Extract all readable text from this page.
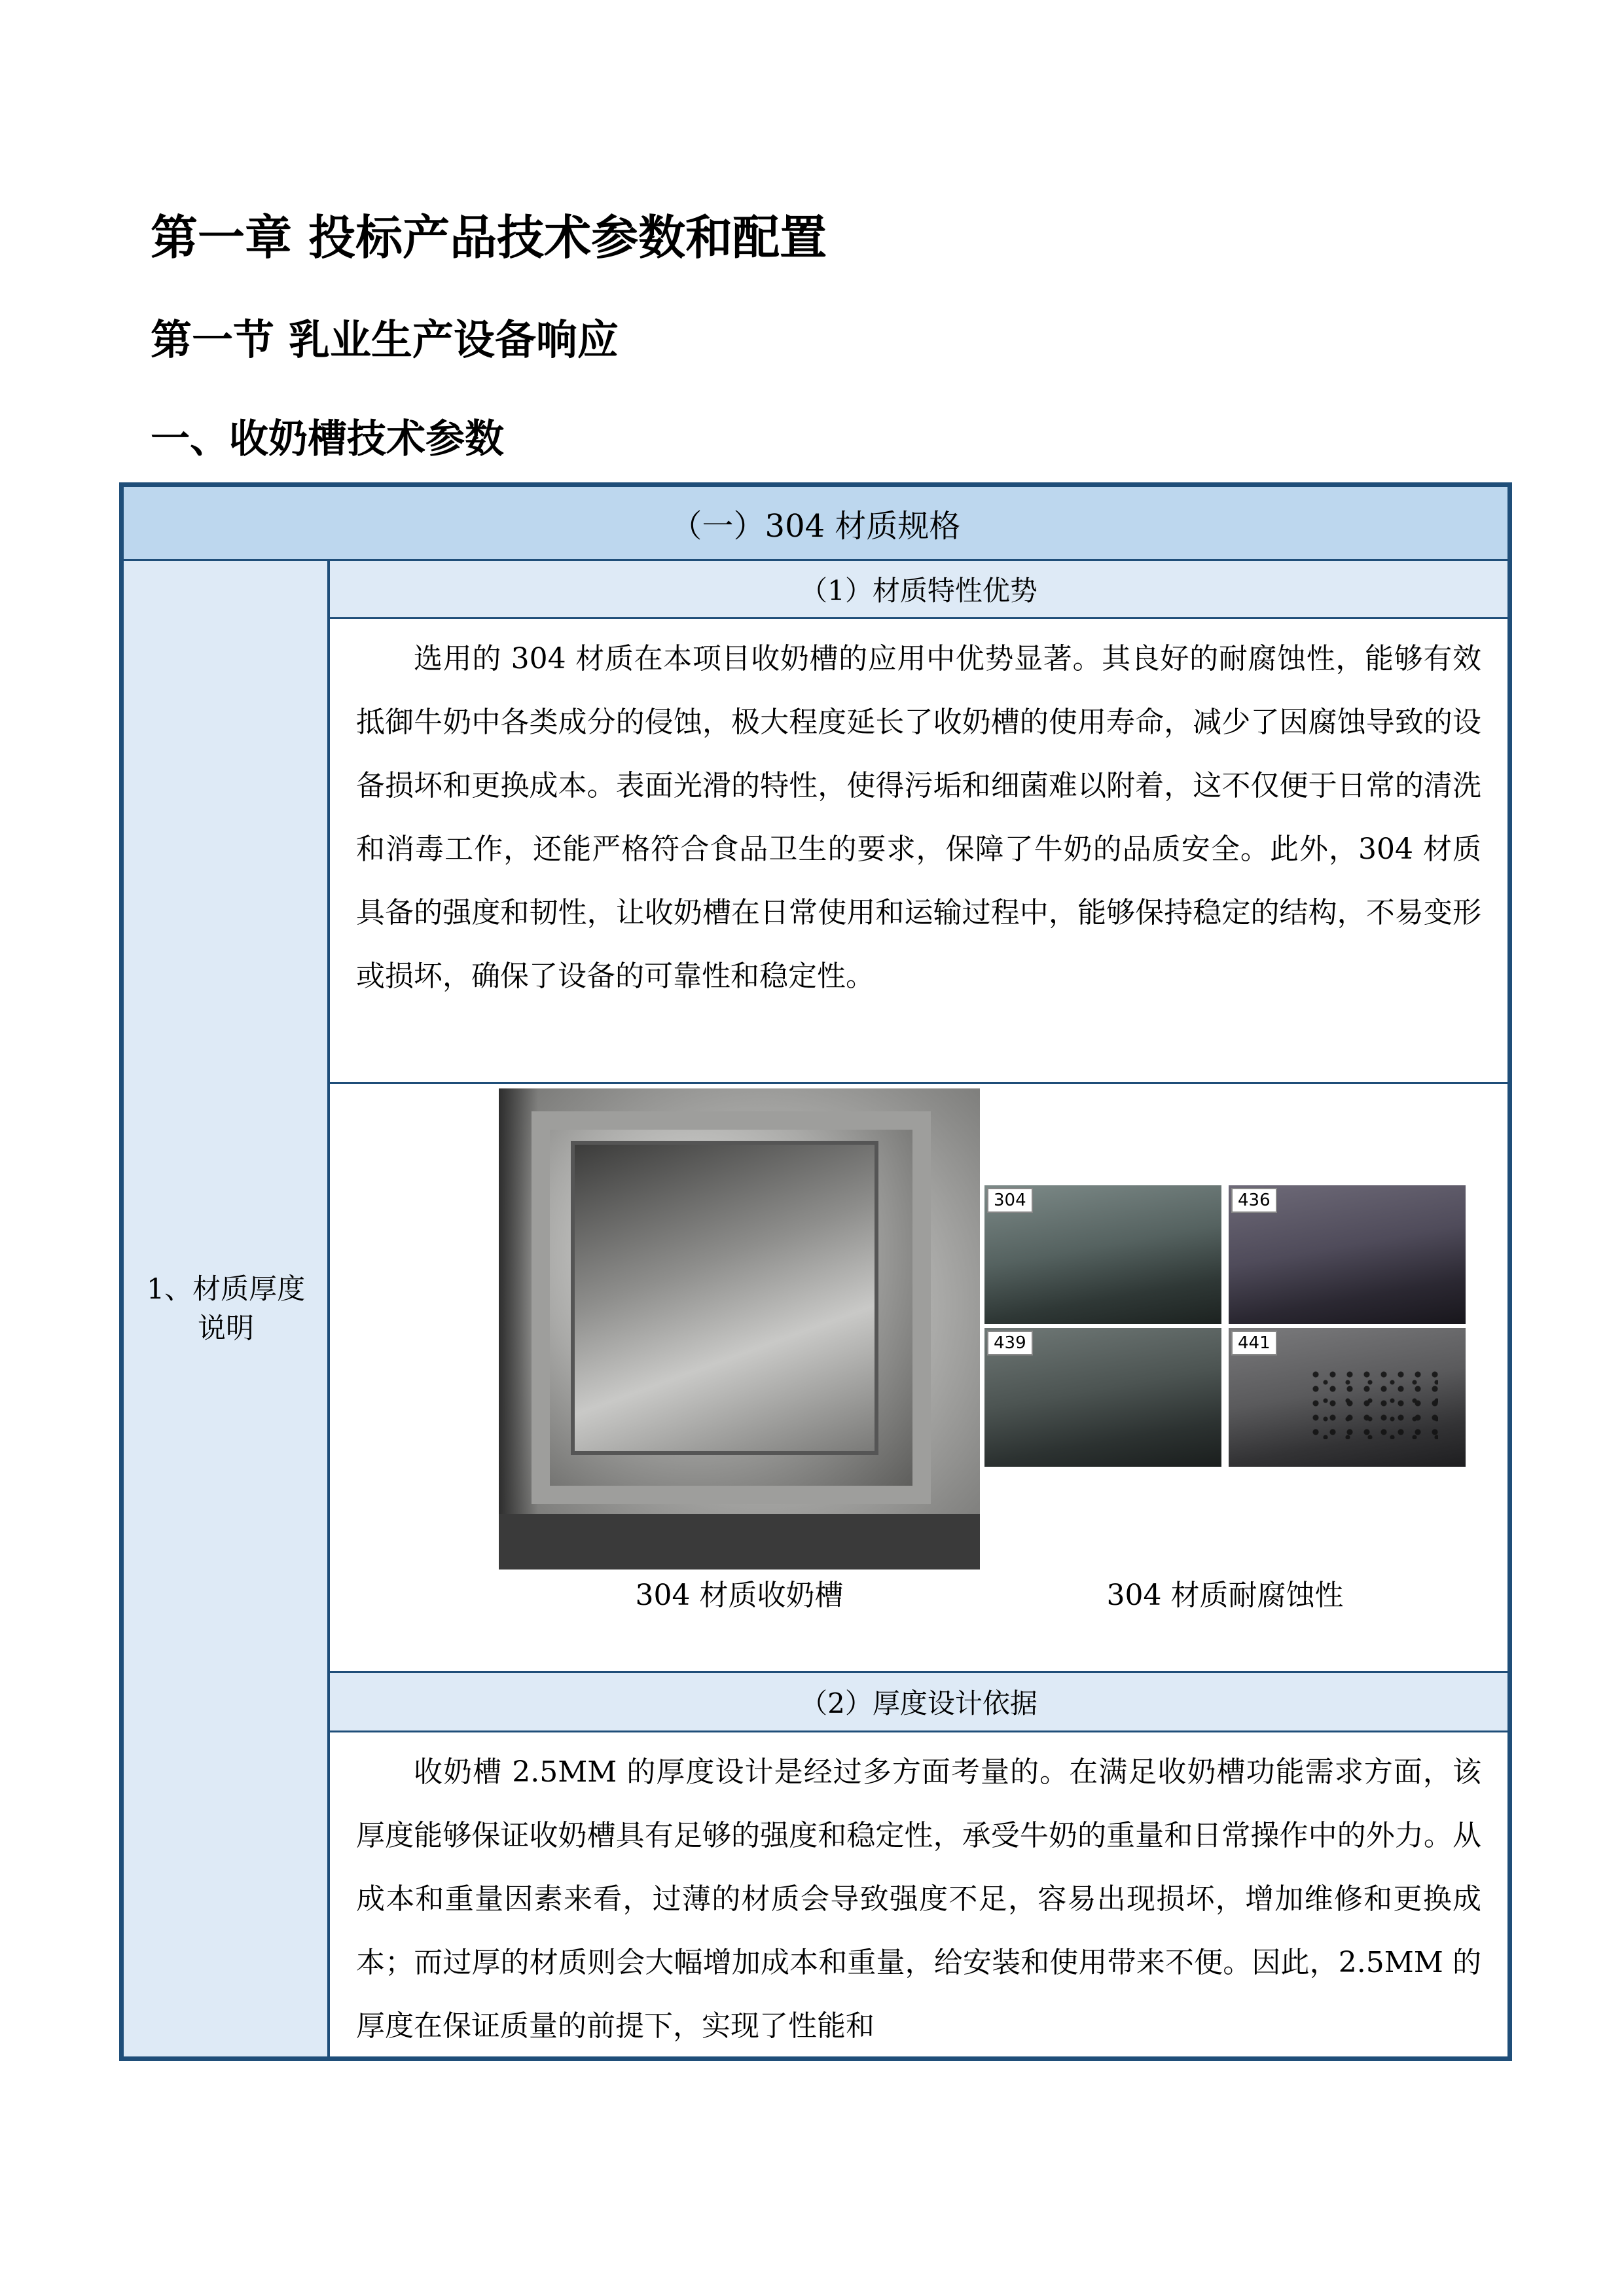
第一章 投标产品技术参数和配置
第一节 乳业生产设备响应
一、收奶槽技术参数
（一）304 材质规格
1、材质厚度说明
（1）材质特性优势
选用的 304 材质在本项目收奶槽的应用中优势显著。其良好的耐腐蚀性，能够有效抵御牛奶中各类成分的侵蚀，极大程度延长了收奶槽的使用寿命，减少了因腐蚀导致的设备损坏和更换成本。表面光滑的特性，使得污垢和细菌难以附着，这不仅便于日常的清洗和消毒工作，还能严格符合食品卫生的要求，保障了牛奶的品质安全。此外，304 材质具备的强度和韧性，让收奶槽在日常使用和运输过程中，能够保持稳定的结构，不易变形或损坏，确保了设备的可靠性和稳定性。
304	436
439	441
304 材质收奶槽	304 材质耐腐蚀性
（2）厚度设计依据
收奶槽 2.5MM 的厚度设计是经过多方面考量的。在满足收奶槽功能需求方面，该厚度能够保证收奶槽具有足够的强度和稳定性，承受牛奶的重量和日常操作中的外力。从成本和重量因素来看，过薄的材质会导致强度不足，容易出现损坏，增加维修和更换成本；而过厚的材质则会大幅增加成本和重量，给安装和使用带来不便。因此，2.5MM 的厚度在保证质量的前提下，实现了性能和
